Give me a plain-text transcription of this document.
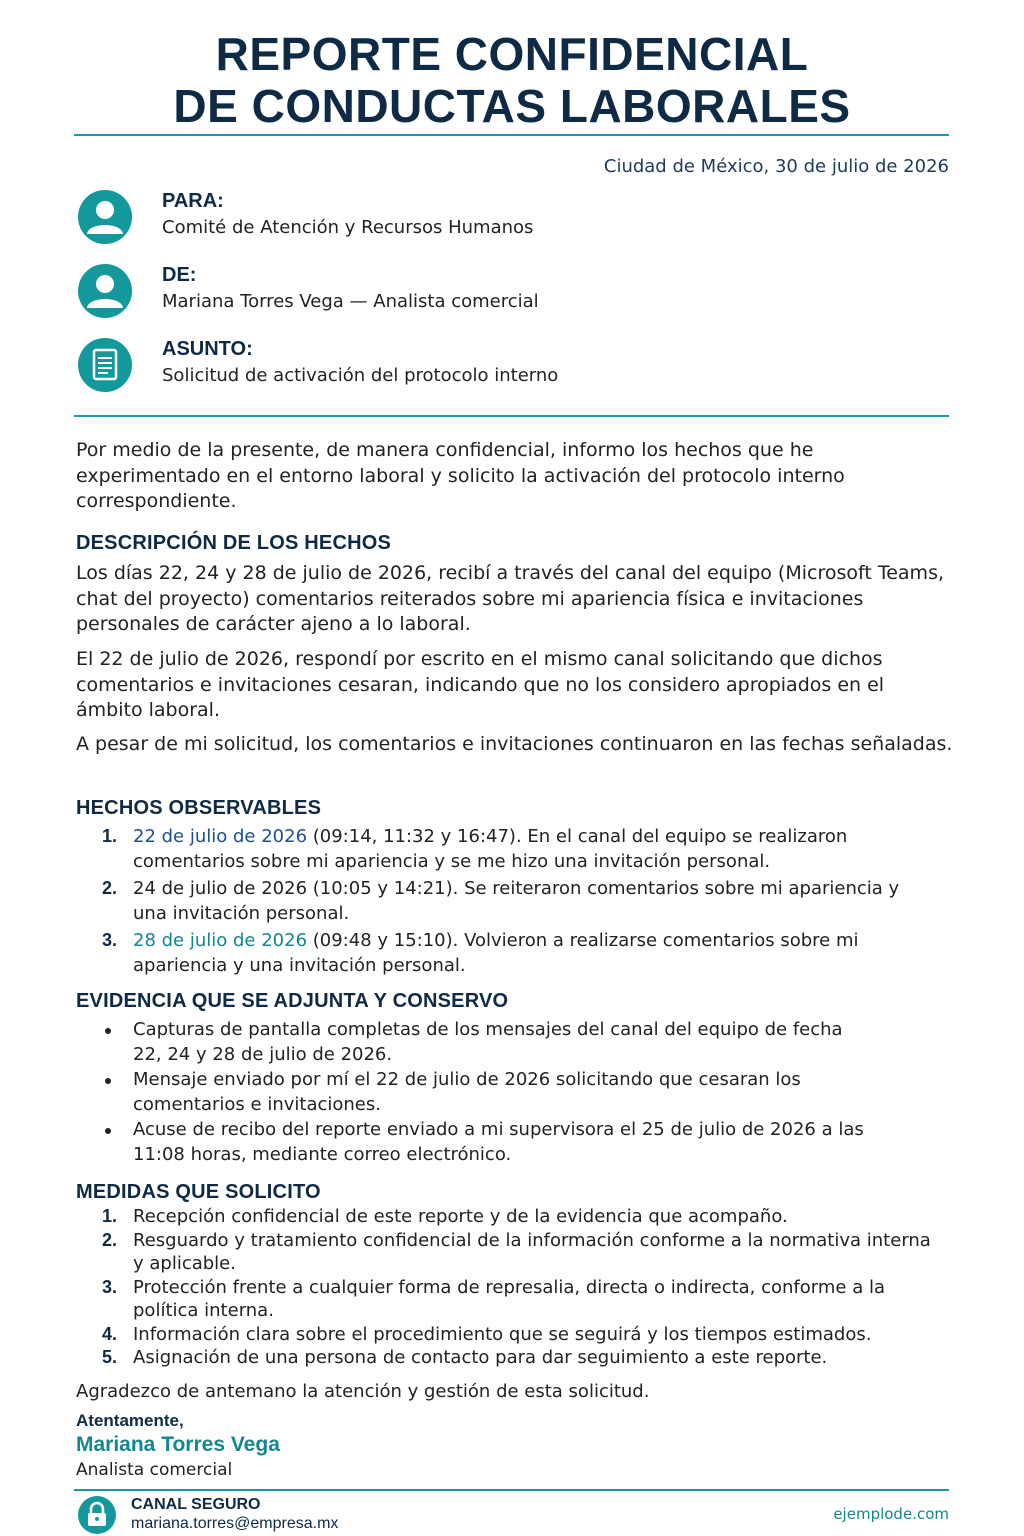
REPORTE CONFIDENCIAL
DE CONDUCTAS LABORALES
Ciudad de México, 30 de julio de 2026
PARA:
Comité de Atención y Recursos Humanos
DE:
Mariana Torres Vega — Analista comercial
ASUNTO:
Solicitud de activación del protocolo interno

Por medio de la presente, de manera confidencial, informo los hechos que he experimentado en el entorno laboral y solicito la activación del protocolo interno correspondiente.

DESCRIPCIÓN DE LOS HECHOS

Los días 22, 24 y 28 de julio de 2026, recibí a través del canal del equipo (Microsoft Teams, chat del proyecto) comentarios reiterados sobre mi apariencia física e invitaciones personales de carácter ajeno a lo laboral.

El 22 de julio de 2026, respondí por escrito en el mismo canal solicitando que dichos comentarios e invitaciones cesaran, indicando que no los considero apropiados en el ámbito laboral.

A pesar de mi solicitud, los comentarios e invitaciones continuaron en las fechas señaladas.

HECHOS OBSERVABLES
1. 22 de julio de 2026 (09:14, 11:32 y 16:47). En el canal del equipo se realizaron comentarios sobre mi apariencia y se me hizo una invitación personal.
2. 24 de julio de 2026 (10:05 y 14:21). Se reiteraron comentarios sobre mi apariencia y una invitación personal.
3. 28 de julio de 2026 (09:48 y 15:10). Volvieron a realizarse comentarios sobre mi apariencia y una invitación personal.
EVIDENCIA QUE SE ADJUNTA Y CONSERVO
Capturas de pantalla completas de los mensajes del canal del equipo de fecha 22, 24 y 28 de julio de 2026.
Mensaje enviado por mí el 22 de julio de 2026 solicitando que cesaran los comentarios e invitaciones.
Acuse de recibo del reporte enviado a mi supervisora el 25 de julio de 2026 a las 11:08 horas, mediante correo electrónico.
MEDIDAS QUE SOLICITO
1. Recepción confidencial de este reporte y de la evidencia que acompaño.
2. Resguardo y tratamiento confidencial de la información conforme a la normativa interna y aplicable.
3. Protección frente a cualquier forma de represalia, directa o indirecta, conforme a la política interna.
4. Información clara sobre el procedimiento que se seguirá y los tiempos estimados.
5. Asignación de una persona de contacto para dar seguimiento a este reporte.

Agradezco de antemano la atención y gestión de esta solicitud.

Atentamente,
Mariana Torres Vega
Analista comercial
CANAL SEGURO
mariana.torres@empresa.mx
ejemplode.com
